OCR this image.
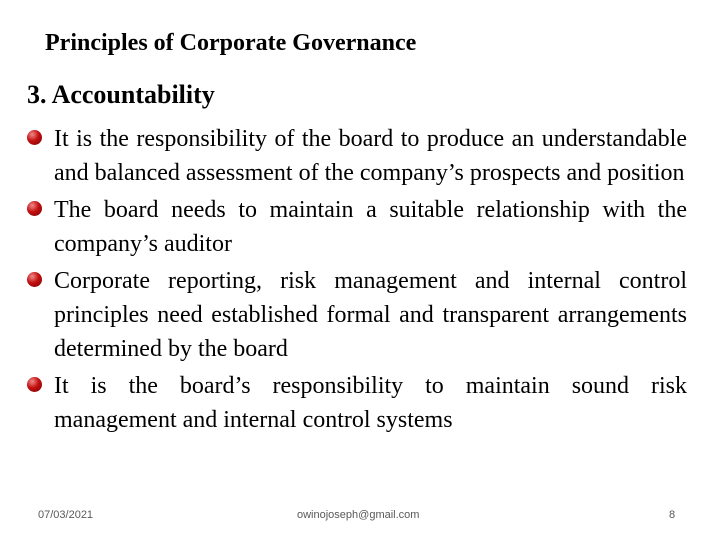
Principles of Corporate Governance
3. Accountability
It is the responsibility of the board to produce an understandable and balanced assessment of the company’s prospects and position
The board needs to maintain a suitable relationship with the company’s auditor
Corporate reporting, risk management and internal control principles need established formal and transparent arrangements determined by the board
It is the board’s responsibility to maintain sound risk management and internal control systems
07/03/2021	owinojoseph@gmail.com	8
